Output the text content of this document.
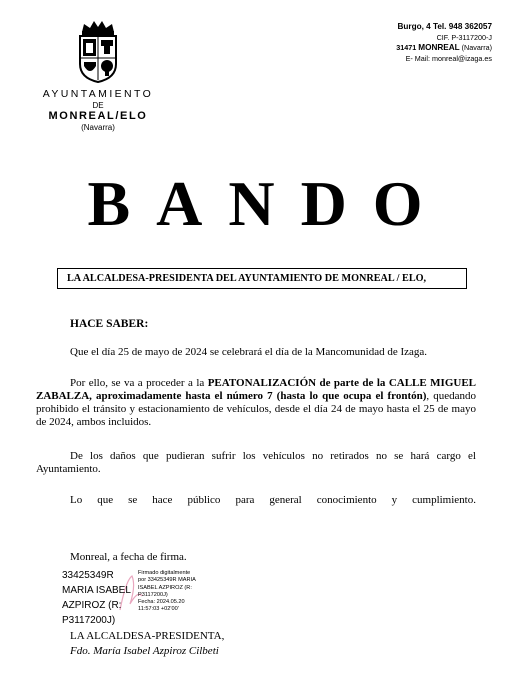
AYUNTAMIENTO
DE
MONREAL/ELO
(Navarra)
Burgo, 4 Tel. 948 362057
CIF. P-3117200-J
31471 MONREAL (Navarra)
E- Mail: monreal@izaga.es
BANDO
LA ALCALDESA-PRESIDENTA DEL AYUNTAMIENTO DE MONREAL / ELO,
HACE SABER:
Que el día 25 de mayo de 2024 se celebrará el día de la Mancomunidad de Izaga.
Por ello, se va a proceder a la PEATONALIZACIÓN de parte de la CALLE MIGUEL ZABALZA, aproximadamente hasta el número 7 (hasta lo que ocupa el frontón), quedando prohibido el tránsito y estacionamiento de vehículos, desde el día 24 de mayo hasta el 25 de mayo de 2024, ambos incluidos.
De los daños que pudieran sufrir los vehículos no retirados no se hará cargo el Ayuntamiento.
Lo que se hace público para general conocimiento y cumplimiento.
Monreal, a fecha de firma.
33425349R
MARIA ISABEL
AZPIROZ (R:
P3117200J)
Firmado digitalmente
por 33425349R MARIA
ISABEL AZPIROZ (R:
P3117200J)
Fecha: 2024.05.20
11:57:03 +02'00'
LA ALCALDESA-PRESIDENTA,
Fdo. María Isabel Azpiroz Cilbeti
